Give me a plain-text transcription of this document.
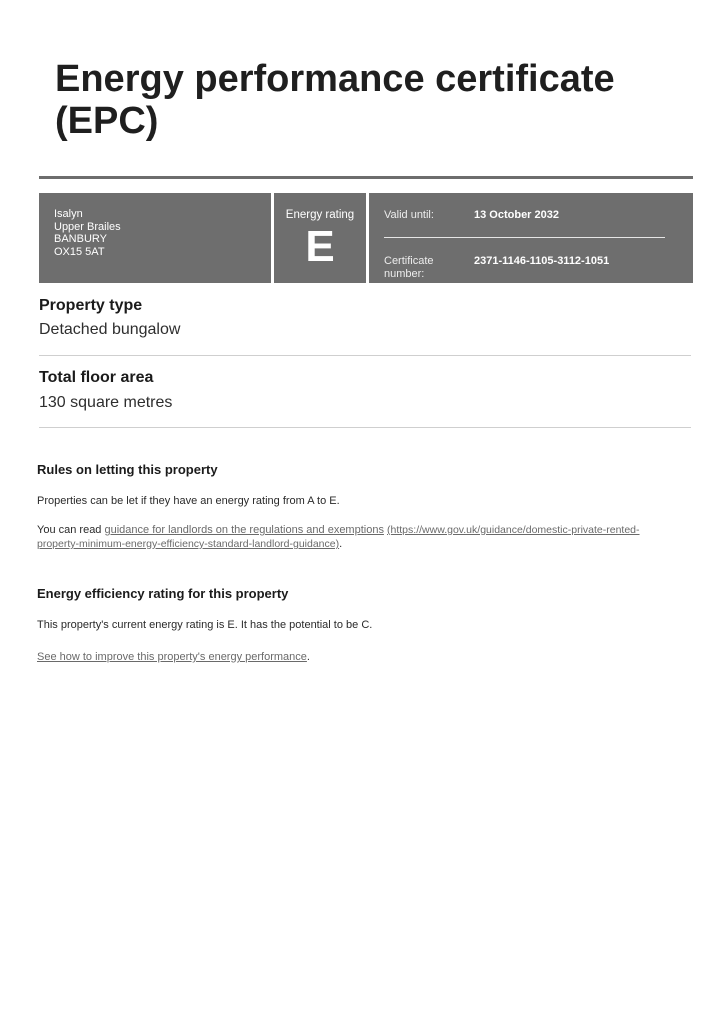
Energy performance certificate
(EPC)
Isalyn
Upper Brailes
BANBURY
OX15 5AT
Energy rating
E
Valid until:	13 October 2032
Certificate number:
2371-1146-1105-3112-1051
Property type
Detached bungalow
Total floor area
130 square metres
Rules on letting this property
Properties can be let if they have an energy rating from A to E.
You can read guidance for landlords on the regulations and exemptions (https://www.gov.uk/guidance/domestic-private-rented-property-minimum-energy-efficiency-standard-landlord-guidance).
Energy efficiency rating for this property
This property's current energy rating is E. It has the potential to be C.
See how to improve this property's energy performance.
